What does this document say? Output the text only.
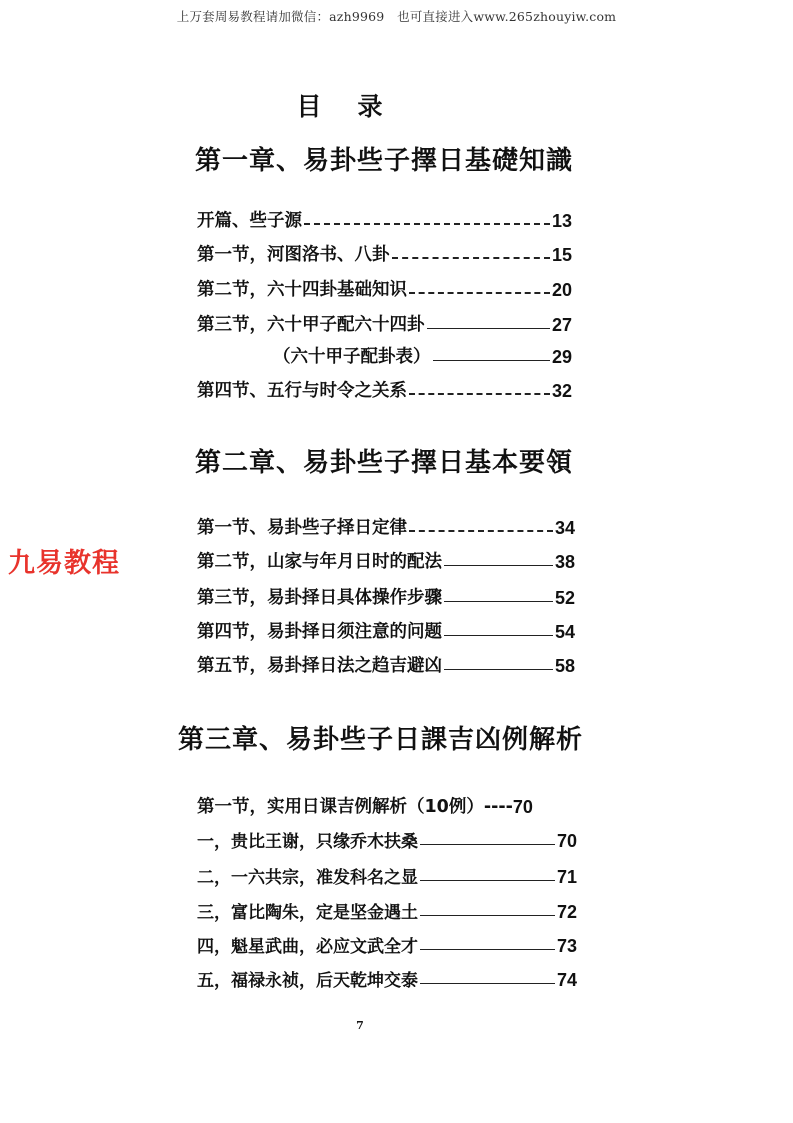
上万套周易教程请加微信：azh9969　也可直接进入www.265zhouyiw.com
九易教程
目录
第一章、易卦些子擇日基礎知識
开篇、些子源	13
第一节，河图洛书、八卦	15
第二节，六十四卦基础知识	20
第三节，六十甲子配六十四卦	27
（六十甲子配卦表）	29
第四节、五行与时令之关系	32
第二章、易卦些子擇日基本要領
第一节、易卦些子择日定律	34
第二节，山家与年月日时的配法	38
第三节，易卦择日具体操作步骤	52
第四节，易卦择日须注意的问题	54
第五节，易卦择日法之趋吉避凶	58
第三章、易卦些子日課吉凶例解析
第一节，实用日课吉例解析（10例）---- 70
一，贵比王谢，只缘乔木扶桑	70
二，一六共宗，准发科名之显	71
三，富比陶朱，定是坚金遇土	72
四，魁星武曲，必应文武全才	73
五，福禄永祯，后天乾坤交泰	74
7
